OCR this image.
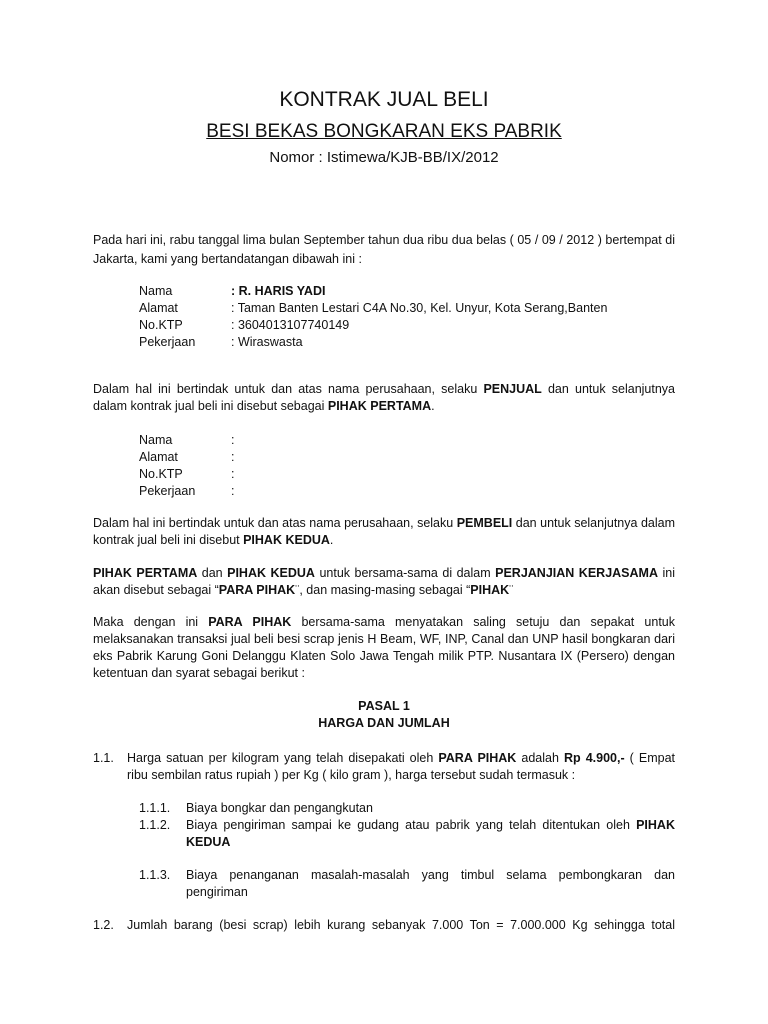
KONTRAK JUAL BELI
BESI BEKAS BONGKARAN EKS PABRIK
Nomor : Istimewa/KJB-BB/IX/2012
Pada hari ini, rabu tanggal lima bulan September tahun dua ribu dua belas ( 05 / 09 / 2012 ) bertempat di Jakarta, kami yang bertandatangan dibawah ini :
Nama	: R. HARIS YADI
Alamat	: Taman Banten Lestari C4A No.30, Kel. Unyur, Kota Serang,Banten
No.KTP	: 3604013107740149
Pekerjaan	: Wiraswasta
Dalam hal ini bertindak untuk dan atas nama perusahaan, selaku PENJUAL dan untuk selanjutnya dalam kontrak jual beli ini disebut sebagai PIHAK PERTAMA.
Nama	:
Alamat	:
No.KTP	:
Pekerjaan	:
Dalam hal ini bertindak untuk dan atas nama perusahaan, selaku PEMBELI dan untuk selanjutnya dalam kontrak jual beli ini disebut PIHAK KEDUA.
PIHAK PERTAMA dan PIHAK KEDUA untuk bersama-sama di dalam PERJANJIAN KERJASAMA ini akan disebut sebagai “PARA PIHAK¨, dan masing-masing sebagai “PIHAK¨
Maka dengan ini PARA PIHAK bersama-sama menyatakan saling setuju dan sepakat untuk melaksanakan transaksi jual beli besi scrap jenis H Beam, WF, INP, Canal dan UNP hasil bongkaran dari eks Pabrik Karung Goni Delanggu Klaten Solo Jawa Tengah milik PTP. Nusantara IX (Persero) dengan ketentuan dan syarat sebagai berikut :
PASAL 1
HARGA DAN JUMLAH
1.1. Harga satuan per kilogram yang telah disepakati oleh PARA PIHAK adalah Rp 4.900,- ( Empat ribu sembilan ratus rupiah ) per Kg ( kilo gram ), harga tersebut sudah termasuk :
1.1.1. Biaya bongkar dan pengangkutan
1.1.2. Biaya pengiriman sampai ke gudang atau pabrik yang telah ditentukan oleh PIHAK KEDUA
1.1.3. Biaya penanganan masalah-masalah yang timbul selama pembongkaran dan pengiriman
1.2. Jumlah barang (besi scrap) lebih kurang sebanyak 7.000 Ton = 7.000.000 Kg sehingga total
